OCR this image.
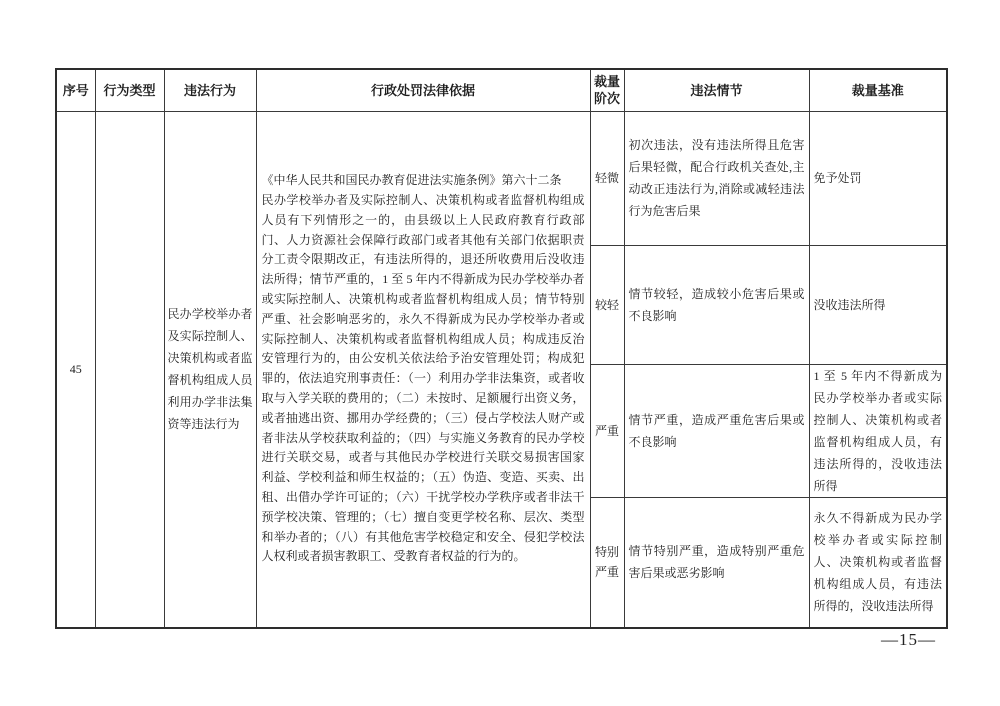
序号	行为类型	违法行为	行政处罚法律依据	裁量阶次	违法情节	裁量基准
45		民办学校举办者及实际控制人、决策机构或者监督机构组成人员利用办学非法集资等违法行为	《中华人民共和国民办教育促进法实施条例》第六十二条
民办学校举办者及实际控制人、决策机构或者监督机构组成人员有下列情形之一的，由县级以上人民政府教育行政部门、人力资源社会保障行政部门或者其他有关部门依据职责分工责令限期改正，有违法所得的，退还所收费用后没收违法所得；情节严重的，1 至 5 年内不得新成为民办学校举办者或实际控制人、决策机构或者监督机构组成人员；情节特别严重、社会影响恶劣的，永久不得新成为民办学校举办者或实际控制人、决策机构或者监督机构组成人员；构成违反治安管理行为的，由公安机关依法给予治安管理处罚；构成犯罪的，依法追究刑事责任：（一）利用办学非法集资，或者收取与入学关联的费用的；（二）未按时、足额履行出资义务，或者抽逃出资、挪用办学经费的；（三）侵占学校法人财产或者非法从学校获取利益的；（四）与实施义务教育的民办学校进行关联交易，或者与其他民办学校进行关联交易损害国家利益、学校利益和师生权益的；（五）伪造、变造、买卖、出租、出借办学许可证的；（六）干扰学校办学秩序或者非法干预学校决策、管理的；（七）擅自变更学校名称、层次、类型和举办者的；（八）有其他危害学校稳定和安全、侵犯学校法人权利或者损害教职工、受教育者权益的行为的。	轻微	初次违法，没有违法所得且危害后果轻微，配合行政机关查处,主动改正违法行为,消除或减轻违法行为危害后果	免予处罚
				较轻	情节较轻，造成较小危害后果或不良影响	没收违法所得
				严重	情节严重，造成严重危害后果或不良影响	1 至 5 年内不得新成为民办学校举办者或实际控制人、决策机构或者监督机构组成人员，有违法所得的，没收违法所得
				特别严重	情节特别严重，造成特别严重危害后果或恶劣影响	永久不得新成为民办学校举办者或实际控制人、决策机构或者监督机构组成人员，有违法所得的，没收违法所得
—15—
